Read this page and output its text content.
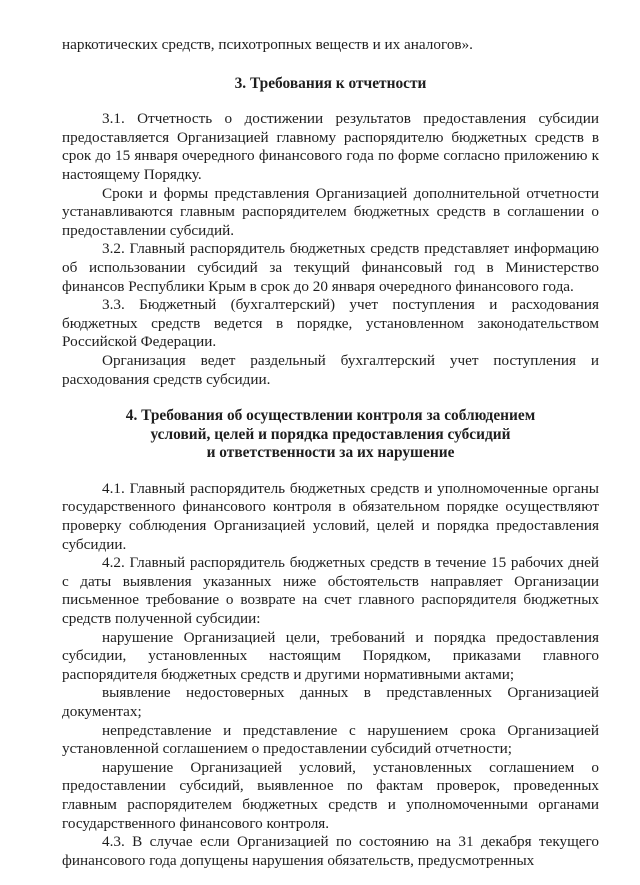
наркотических средств, психотропных веществ и их аналогов».

3. Требования к отчетности

3.1. Отчетность о достижении результатов предоставления субсидии предоставляется Организацией главному распорядителю бюджетных средств в срок до 15 января очередного финансового года по форме согласно приложению к настоящему Порядку.

Сроки и формы представления Организацией дополнительной отчетности устанавливаются главным распорядителем бюджетных средств в соглашении о предоставлении субсидий.

3.2. Главный распорядитель бюджетных средств представляет информацию об использовании субсидий за текущий финансовый год в Министерство финансов Республики Крым в срок до 20 января очередного финансового года.

3.3. Бюджетный (бухгалтерский) учет поступления и расходования бюджетных средств ведется в порядке, установленном законодательством Российской Федерации.

Организация ведет раздельный бухгалтерский учет поступления и расходования средств субсидии.

4. Требования об осуществлении контроля за соблюдением
условий, целей и порядка предоставления субсидий
и ответственности за их нарушение

4.1. Главный распорядитель бюджетных средств и уполномоченные органы государственного финансового контроля в обязательном порядке осуществляют проверку соблюдения Организацией условий, целей и порядка предоставления субсидии.

4.2. Главный распорядитель бюджетных средств в течение 15 рабочих дней с даты выявления указанных ниже обстоятельств направляет Организации письменное требование о возврате на счет главного распорядителя бюджетных средств полученной субсидии:

нарушение Организацией цели, требований и порядка предоставления субсидии, установленных настоящим Порядком, приказами главного распорядителя бюджетных средств и другими нормативными актами;

выявление недостоверных данных в представленных Организацией документах;

непредставление и представление с нарушением срока Организацией установленной соглашением о предоставлении субсидий отчетности;

нарушение Организацией условий, установленных соглашением о предоставлении субсидий, выявленное по фактам проверок, проведенных главным распорядителем бюджетных средств и уполномоченными органами государственного финансового контроля.

4.3. В случае если Организацией по состоянию на 31 декабря текущего финансового года допущены нарушения обязательств, предусмотренных
